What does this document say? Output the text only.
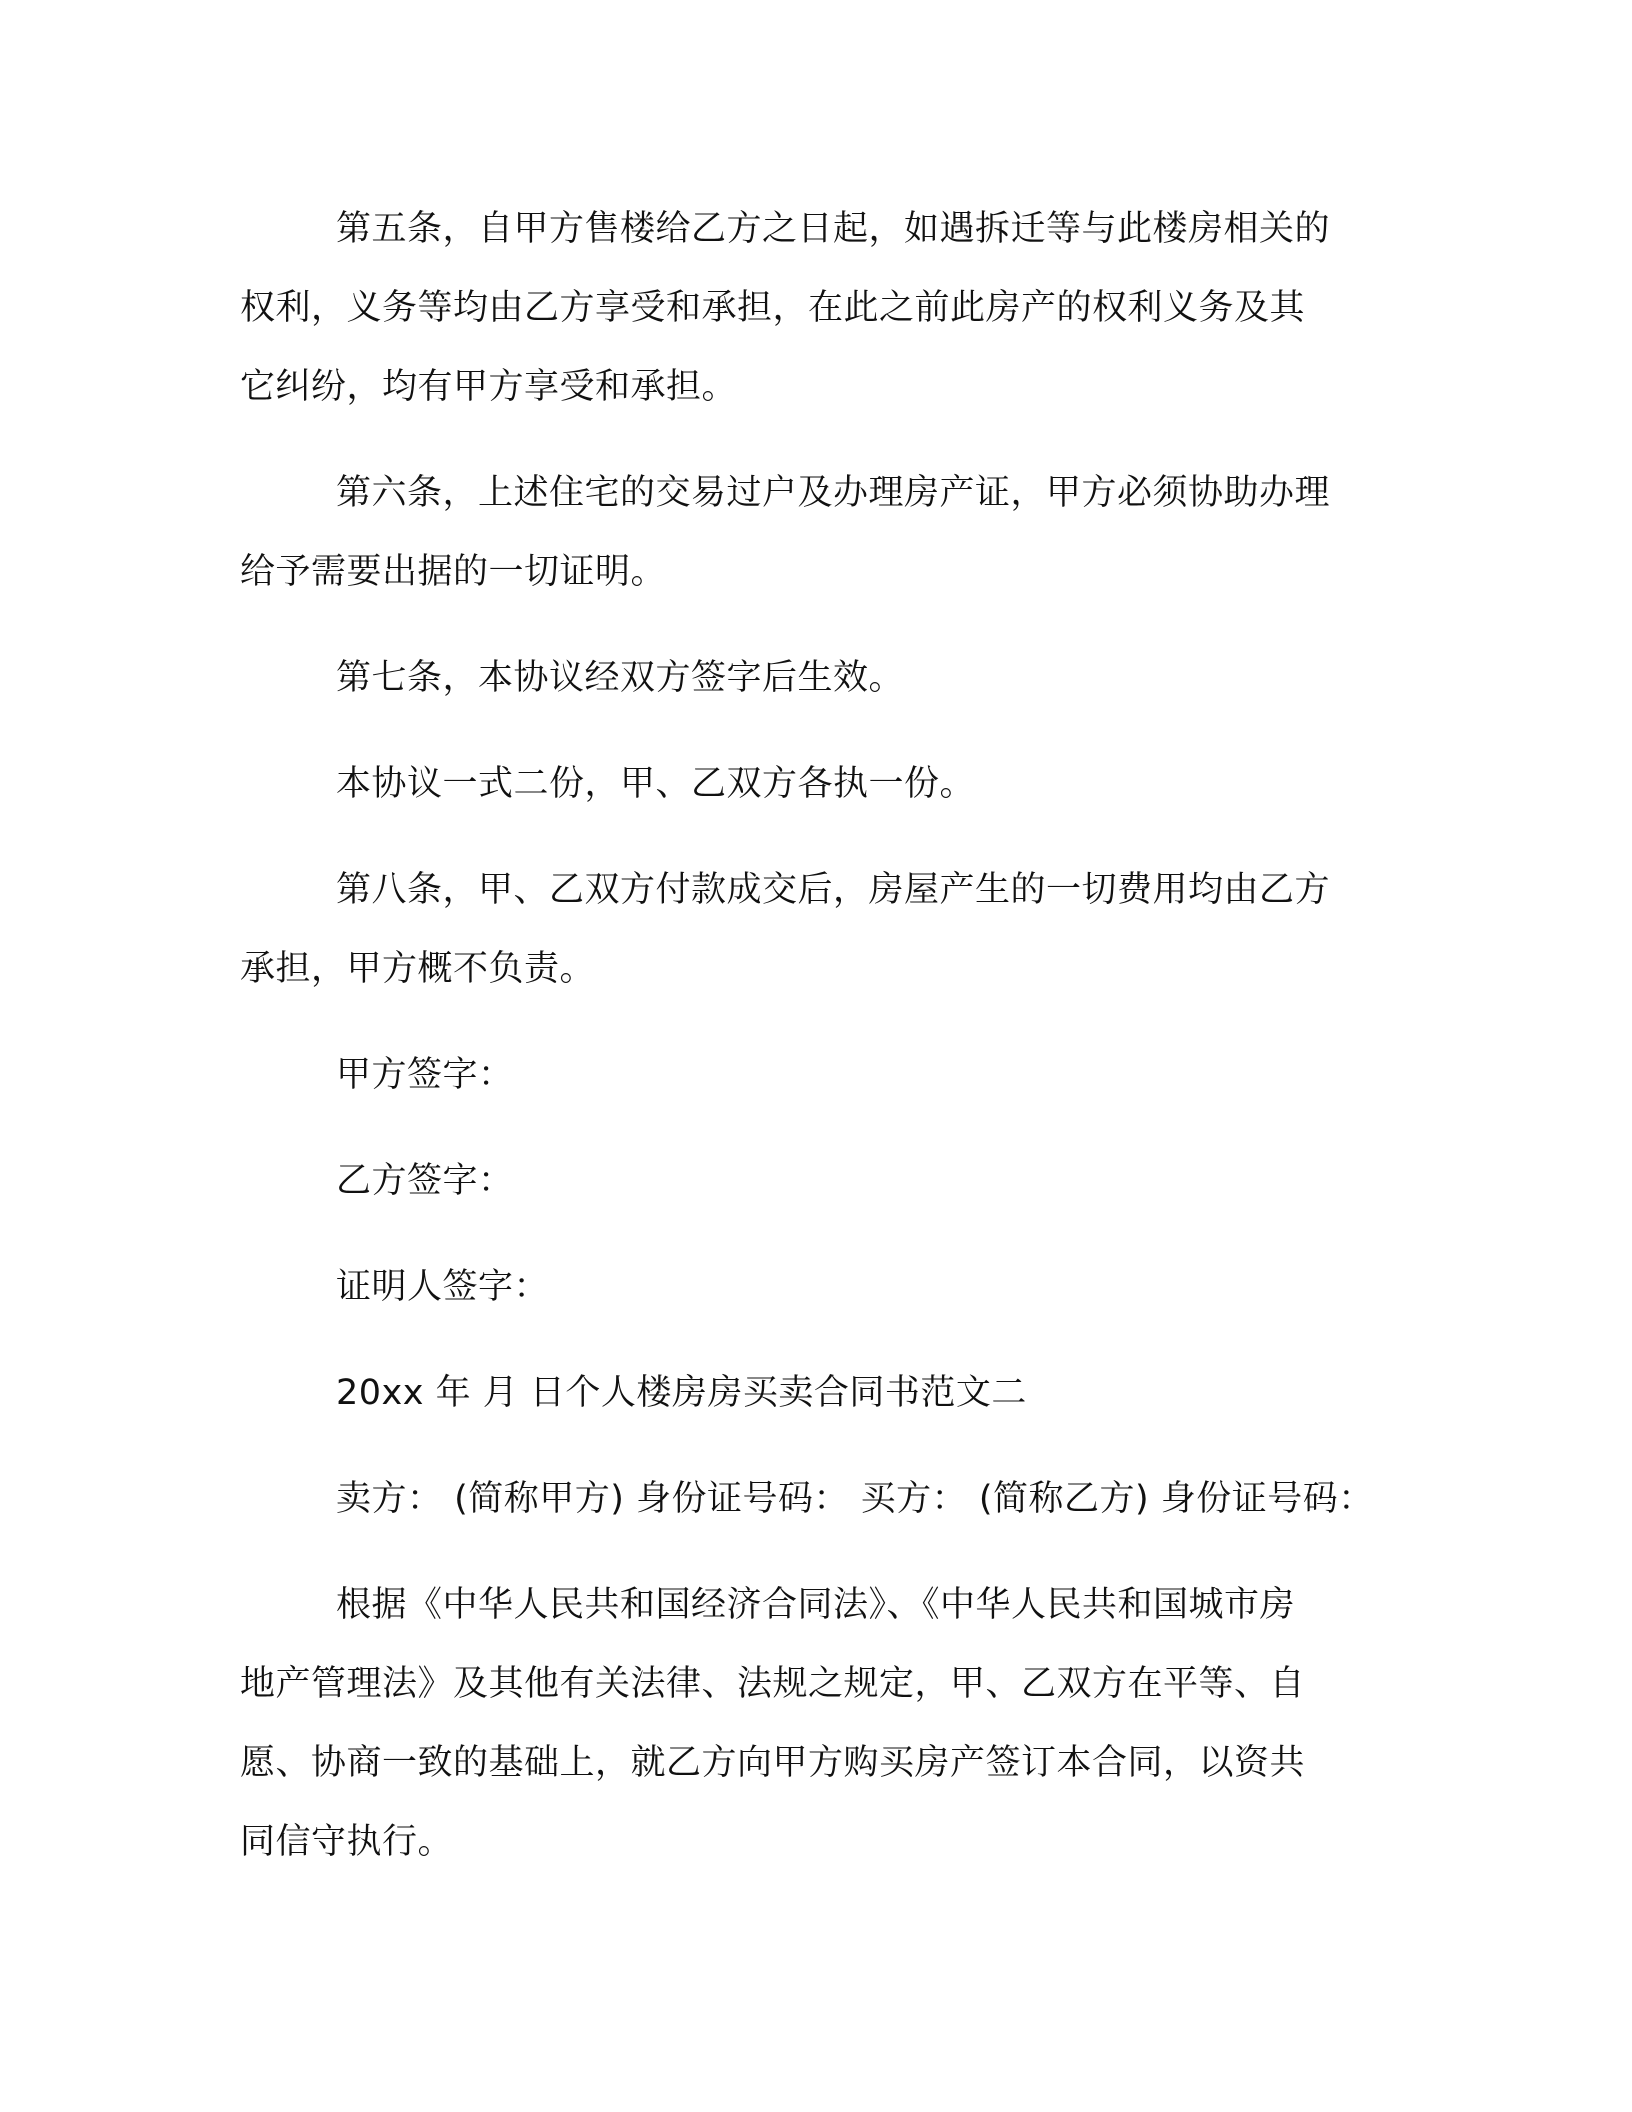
第五条，自甲方售楼给乙方之日起，如遇拆迁等与此楼房相关的
权利，义务等均由乙方享受和承担，在此之前此房产的权利义务及其
它纠纷，均有甲方享受和承担。

第六条，上述住宅的交易过户及办理房产证，甲方必须协助办理
给予需要出据的一切证明。

第七条，本协议经双方签字后生效。

本协议一式二份，甲、乙双方各执一份。

第八条，甲、乙双方付款成交后，房屋产生的一切费用均由乙方
承担，甲方概不负责。

甲方签字：

乙方签字：

证明人签字：

20xx 年 月 日个人楼房房买卖合同书范文二

卖方： (简称甲方) 身份证号码： 买方： (简称乙方) 身份证号码：

根据《中华人民共和国经济合同法》、《中华人民共和国城市房
地产管理法》及其他有关法律、法规之规定，甲、乙双方在平等、自
愿、协商一致的基础上，就乙方向甲方购买房产签订本合同，以资共
同信守执行。
